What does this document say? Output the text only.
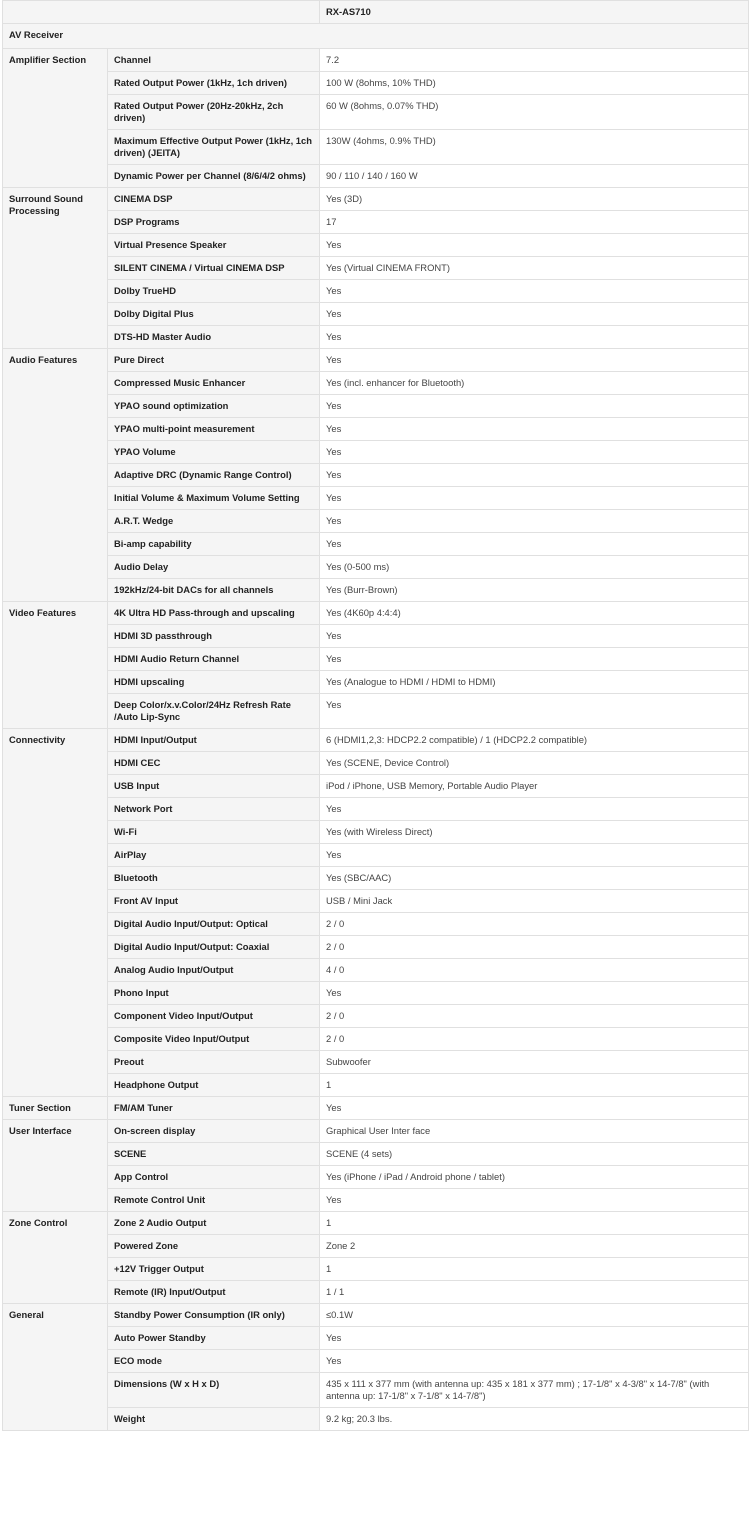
		RX-AS710
AV Receiver		
Amplifier Section	Channel	7.2
	Rated Output Power (1kHz, 1ch driven)	100 W (8ohms, 10% THD)
	Rated Output Power (20Hz-20kHz, 2ch driven)	60 W (8ohms, 0.07% THD)
	Maximum Effective Output Power (1kHz, 1ch driven) (JEITA)	130W (4ohms, 0.9% THD)
	Dynamic Power per Channel (8/6/4/2 ohms)	90 / 110 / 140 / 160 W
Surround Sound Processing	CINEMA DSP	Yes (3D)
	DSP Programs	17
	Virtual Presence Speaker	Yes
	SILENT CINEMA / Virtual CINEMA DSP	Yes (Virtual CINEMA FRONT)
	Dolby TrueHD	Yes
	Dolby Digital Plus	Yes
	DTS-HD Master Audio	Yes
Audio Features	Pure Direct	Yes
	Compressed Music Enhancer	Yes (incl. enhancer for Bluetooth)
	YPAO sound optimization	Yes
	YPAO multi-point measurement	Yes
	YPAO Volume	Yes
	Adaptive DRC (Dynamic Range Control)	Yes
	Initial Volume & Maximum Volume Setting	Yes
	A.R.T. Wedge	Yes
	Bi-amp capability	Yes
	Audio Delay	Yes (0-500 ms)
	192kHz/24-bit DACs for all channels	Yes (Burr-Brown)
Video Features	4K Ultra HD Pass-through and upscaling	Yes (4K60p 4:4:4)
	HDMI 3D passthrough	Yes
	HDMI Audio Return Channel	Yes
	HDMI upscaling	Yes (Analogue to HDMI / HDMI to HDMI)
	Deep Color/x.v.Color/24Hz Refresh Rate /Auto Lip-Sync	Yes
Connectivity	HDMI Input/Output	6 (HDMI1,2,3: HDCP2.2 compatible) / 1 (HDCP2.2 compatible)
	HDMI CEC	Yes (SCENE, Device Control)
	USB Input	iPod / iPhone, USB Memory, Portable Audio Player
	Network Port	Yes
	Wi-Fi	Yes (with Wireless Direct)
	AirPlay	Yes
	Bluetooth	Yes (SBC/AAC)
	Front AV Input	USB / Mini Jack
	Digital Audio Input/Output: Optical	2 / 0
	Digital Audio Input/Output: Coaxial	2 / 0
	Analog Audio Input/Output	4 / 0
	Phono Input	Yes
	Component Video Input/Output	2 / 0
	Composite Video Input/Output	2 / 0
	Preout	Subwoofer
	Headphone Output	1
Tuner Section	FM/AM Tuner	Yes
User Interface	On-screen display	Graphical User Inter face
	SCENE	SCENE (4 sets)
	App Control	Yes (iPhone / iPad / Android phone / tablet)
	Remote Control Unit	Yes
Zone Control	Zone 2 Audio Output	1
	Powered Zone	Zone 2
	+12V Trigger Output	1
	Remote (IR) Input/Output	1 / 1
General	Standby Power Consumption (IR only)	≤0.1W
	Auto Power Standby	Yes
	ECO mode	Yes
	Dimensions (W x H x D)	435 x 111 x 377 mm (with antenna up: 435 x 181 x 377 mm) ; 17-1/8" x 4-3/8" x 14-7/8" (with antenna up: 17-1/8" x 7-1/8" x 14-7/8")
	Weight	9.2 kg; 20.3 lbs.
